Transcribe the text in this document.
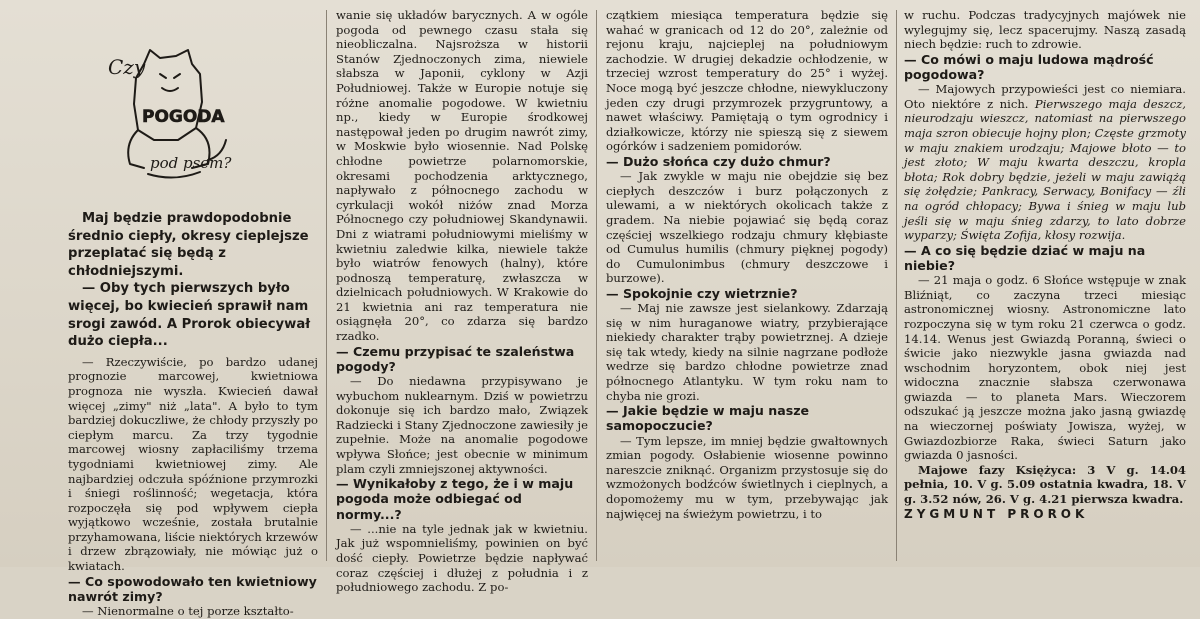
Czy
POGODA
pod psem?

Maj będzie prawdopodobnie średnio ciepły, okresy cieplejsze przeplatać się będą z chłodniejszymi.

— Oby tych pierwszych było więcej, bo kwiecień sprawił nam srogi zawód. A Prorok obiecywał dużo ciepła...

— Rzeczywiście, po bardzo udanej prognozie marcowej, kwietniowa prognoza nie wyszła. Kwiecień dawał więcej „zimy" niż „lata". A było to tym bardziej dokuczliwe, że chłody przyszły po ciepłym marcu. Za trzy tygodnie marcowej wiosny zapłaciliśmy trzema tygodniami kwietniowej zimy. Ale najbardziej odczuła spóźnione przymrozki i śniegi roślinność; wegetacja, która rozpoczęła się pod wpływem ciepła wyjątkowo wcześnie, została brutalnie przyhamowana, liście niektórych krzewów i drzew zbrązowiały, nie mówiąc już o kwiatach.

— Co spowodowało ten kwietniowy nawrót zimy?

— Nienormalne o tej porze kształto-

wanie się układów barycznych. A w ogóle pogoda od pewnego czasu stała się nieobliczalna. Najsroższa w historii Stanów Zjednoczonych zima, niewiele słabsza w Japonii, cyklony w Azji Południowej. Także w Europie notuje się różne anomalie pogodowe. W kwietniu np., kiedy w Europie środkowej następował jeden po drugim nawrót zimy, w Moskwie było wiosennie. Nad Polskę chłodne powietrze polarnomorskie, okresami pochodzenia arktycznego, napływało z północnego zachodu w cyrkulacji wokół niżów znad Morza Północnego czy południowej Skandynawii. Dni z wiatrami południowymi mieliśmy w kwietniu zaledwie kilka, niewiele także było wiatrów fenowych (halny), które podnoszą temperaturę, zwłaszcza w dzielnicach południowych. W Krakowie do 21 kwietnia ani raz temperatura nie osiągnęła 20°, co zdarza się bardzo rzadko.

— Czemu przypisać te szaleństwa pogody?

— Do niedawna przypisywano je wybuchom nuklearnym. Dziś w powietrzu dokonuje się ich bardzo mało, Związek Radziecki i Stany Zjednoczone zawiesiły je zupełnie. Może na anomalie pogodowe wpływa Słońce; jest obecnie w minimum plam czyli zmniejszonej aktywności.

— Wynikałoby z tego, że i w maju pogoda może odbiegać od normy...?

— ...nie na tyle jednak jak w kwietniu. Jak już wspomnieliśmy, powinien on być dość ciepły. Powietrze będzie napływać coraz częściej i dłużej z południa i z południowego zachodu. Z po-

czątkiem miesiąca temperatura będzie się wahać w granicach od 12 do 20°, zależnie od rejonu kraju, najcieplej na południowym zachodzie. W drugiej dekadzie ochłodzenie, w trzeciej wzrost temperatury do 25° i wyżej. Noce mogą być jeszcze chłodne, niewykluczony jeden czy drugi przymrozek przygruntowy, a nawet właściwy. Pamiętają o tym ogrodnicy i działkowicze, którzy nie spieszą się z siewem ogórków i sadzeniem pomidorów.

— Dużo słońca czy dużo chmur?

— Jak zwykle w maju nie obejdzie się bez ciepłych deszczów i burz połączonych z ulewami, a w niektórych okolicach także z gradem. Na niebie pojawiać się będą coraz częściej wszelkiego rodzaju chmury kłębiaste od Cumulus humilis (chmury pięknej pogody) do Cumulonimbus (chmury deszczowe i burzowe).

— Spokojnie czy wietrznie?

— Maj nie zawsze jest sielankowy. Zdarzają się w nim huraganowe wiatry, przybierające niekiedy charakter trąby powietrznej. A dzieje się tak wtedy, kiedy na silnie nagrzane podłoże wedrze się bardzo chłodne powietrze znad północnego Atlantyku. W tym roku nam to chyba nie grozi.

— Jakie będzie w maju nasze samopoczucie?

— Tym lepsze, im mniej będzie gwałtownych zmian pogody. Osłabienie wiosenne powinno nareszcie zniknąć. Organizm przystosuje się do wzmożonych bodźców świetlnych i cieplnych, a dopomożemy mu w tym, przebywając jak najwięcej na świeżym powietrzu, i to

w ruchu. Podczas tradycyjnych majówek nie wylegujmy się, lecz spacerujmy. Naszą zasadą niech będzie: ruch to zdrowie.

— Co mówi o maju ludowa mądrość pogodowa?

— Majowych przypowieści jest co niemiara. Oto niektóre z nich. Pierwszego maja deszcz, nieurodzaju wieszcz, natomiast na pierwszego maja szron obiecuje hojny plon; Częste grzmoty w maju znakiem urodzaju; Majowe błoto — to jest złoto; W maju kwarta deszczu, kropla błota; Rok dobry będzie, jeżeli w maju zawiążą się żołędzie; Pankracy, Serwacy, Bonifacy — źli na ogród chłopacy; Bywa i śnieg w maju lub jeśli się w maju śnieg zdarzy, to lato dobrze wyparzy; Święta Zofija, kłosy rozwija.

— A co się będzie dziać w maju na niebie?

— 21 maja o godz. 6 Słońce wstępuje w znak Bliźniąt, co zaczyna trzeci miesiąc astronomicznej wiosny. Astronomiczne lato rozpoczyna się w tym roku 21 czerwca o godz. 14.14. Wenus jest Gwiazdą Poranną, świeci o świcie jako niezwykle jasna gwiazda nad wschodnim horyzontem, obok niej jest widoczna znacznie słabsza czerwonawa gwiazda — to planeta Mars. Wieczorem odszukać ją jeszcze można jako jasną gwiazdę na wieczornej poświaty Jowisza, wyżej, w Gwiazdozbiorze Raka, świeci Saturn jako gwiazda 0 jasności.

Majowe fazy Księżyca: 3 V g. 14.04 pełnia, 10. V g. 5.09 ostatnia kwadra, 18. V g. 3.52 nów, 26. V g. 4.21 pierwsza kwadra.

ZYGMUNT PROROK
